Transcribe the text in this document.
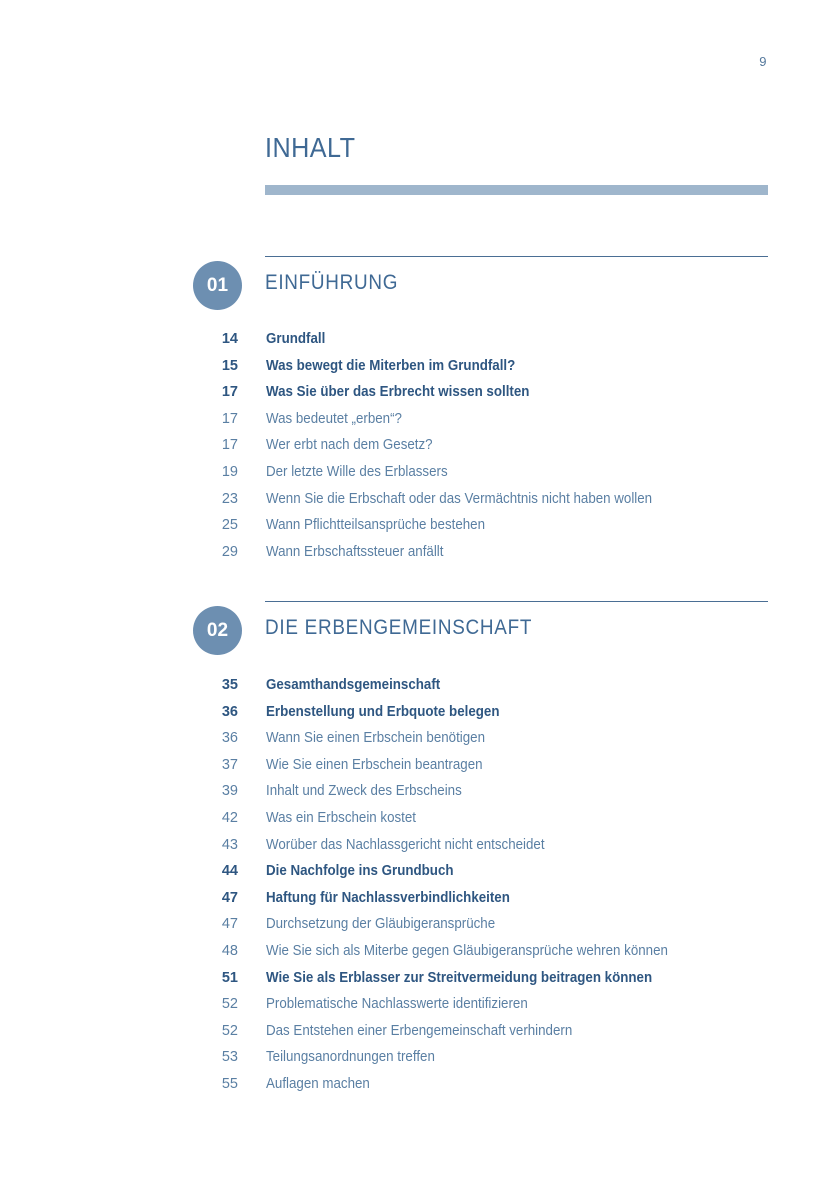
9
INHALT
01	EINFÜHRUNG
14 Grundfall
15 Was bewegt die Miterben im Grundfall?
17 Was Sie über das Erbrecht wissen sollten
17 Was bedeutet „erben“?
17 Wer erbt nach dem Gesetz?
19 Der letzte Wille des Erblassers
23 Wenn Sie die Erbschaft oder das Vermächtnis nicht haben wollen
25 Wann Pflichtteilsansprüche bestehen
29 Wann Erbschaftssteuer anfällt
02	DIE ERBENGEMEINSCHAFT
35 Gesamthandsgemeinschaft
36 Erbenstellung und Erbquote belegen
36 Wann Sie einen Erbschein benötigen
37 Wie Sie einen Erbschein beantragen
39 Inhalt und Zweck des Erbscheins
42 Was ein Erbschein kostet
43 Worüber das Nachlassgericht nicht entscheidet
44 Die Nachfolge ins Grundbuch
47 Haftung für Nachlassverbindlichkeiten
47 Durchsetzung der Gläubigeransprüche
48 Wie Sie sich als Miterbe gegen Gläubigeransprüche wehren können
51 Wie Sie als Erblasser zur Streitvermeidung beitragen können
52 Problematische Nachlasswerte identifizieren
52 Das Entstehen einer Erbengemeinschaft verhindern
53 Teilungsanordnungen treffen
55 Auflagen machen
